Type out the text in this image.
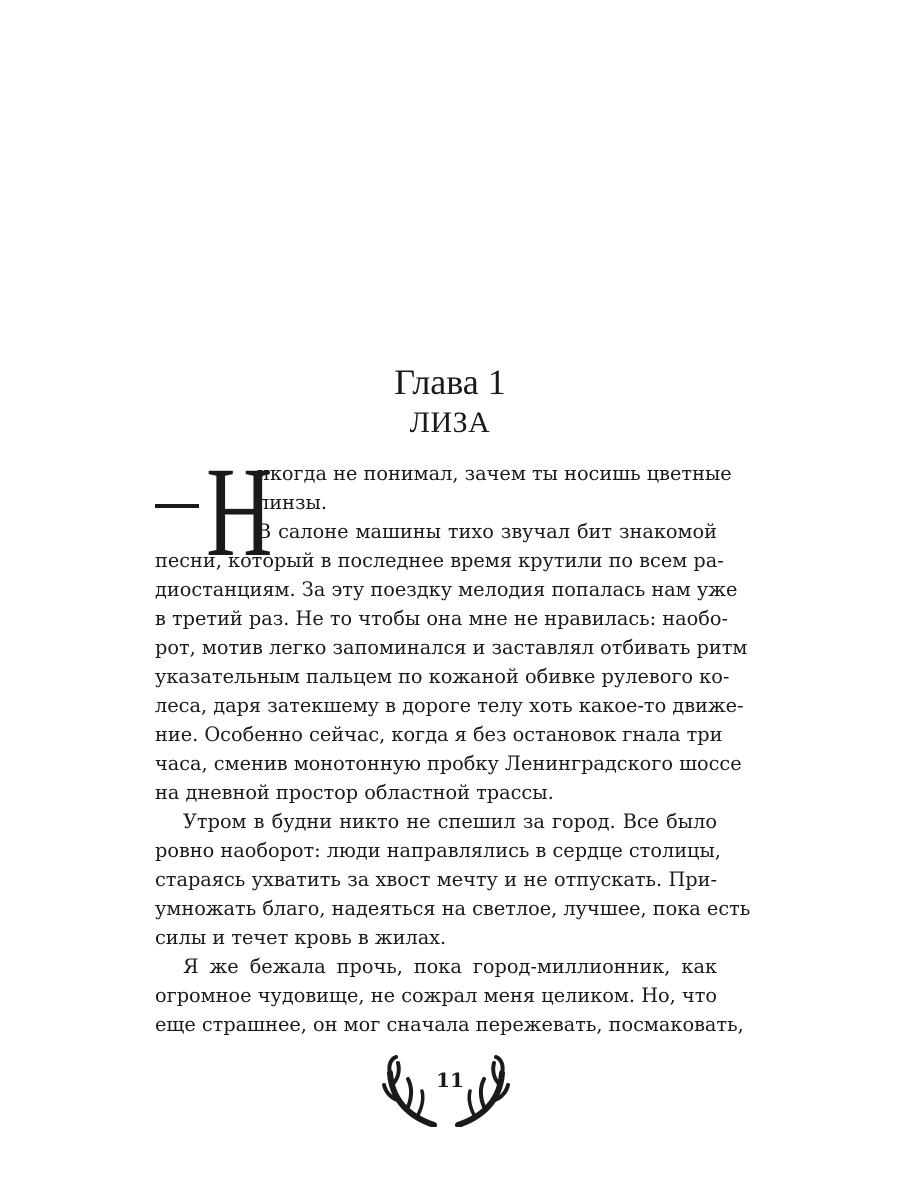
Глава 1
ЛИЗА
Н
икогда не понимал, зачем ты носишь цветные
линзы.
В салоне машины тихо звучал бит знакомой
песни, который в последнее время крутили по всем ра-
диостанциям. За эту поездку мелодия попалась нам уже
в третий раз. Не то чтобы она мне не нравилась: наобо-
рот, мотив легко запоминался и заставлял отбивать ритм
указательным пальцем по кожаной обивке рулевого ко-
леса, даря затекшему в дороге телу хоть какое-то движе-
ние. Особенно сейчас, когда я без остановок гнала три
часа, сменив монотонную пробку Ленинградского шоссе
на дневной простор областной трассы.
Утром в будни никто не спешил за город. Все было
ровно наоборот: люди направлялись в сердце столицы,
стараясь ухватить за хвост мечту и не отпускать. При-
умножать благо, надеяться на светлое, лучшее, пока есть
силы и течет кровь в жилах.
Я же бежала прочь, пока город-миллионник, как
огромное чудовище, не сожрал меня целиком. Но, что
еще страшнее, он мог сначала пережевать, посмаковать,
11
